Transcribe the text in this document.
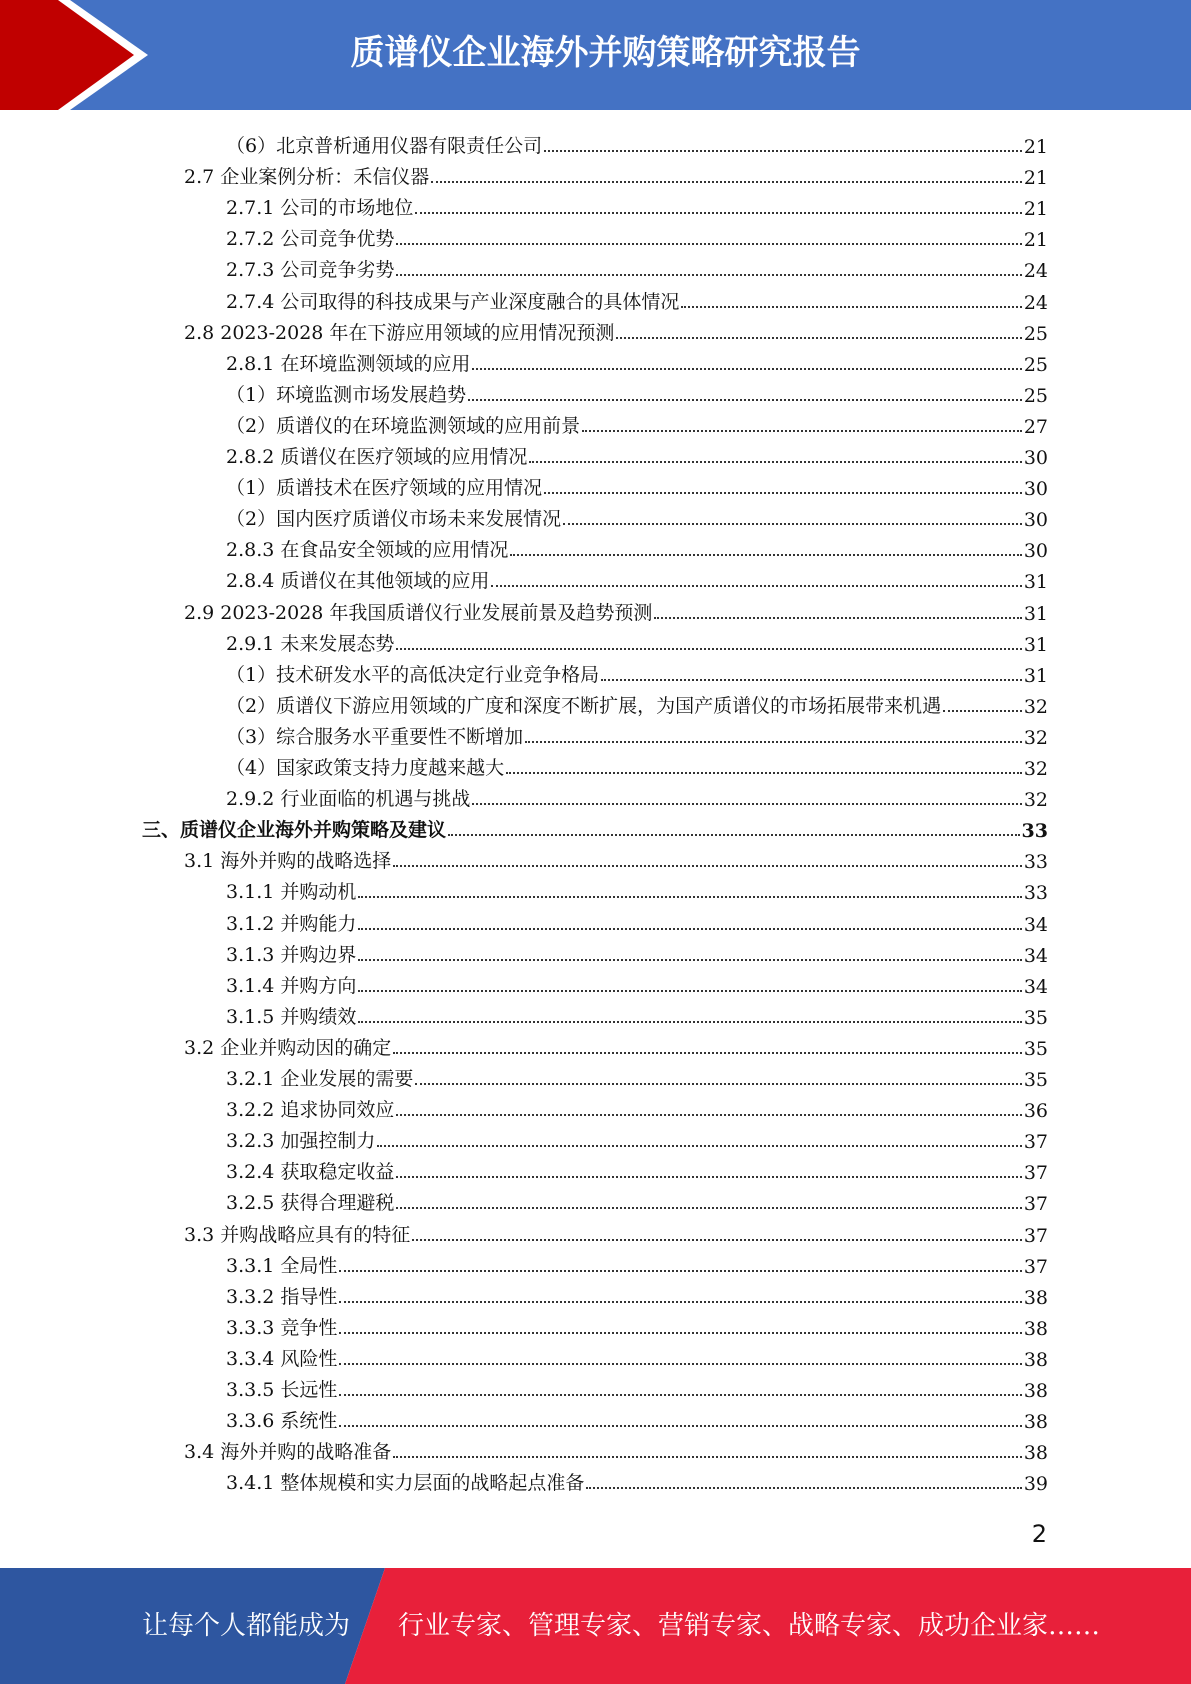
质谱仪企业海外并购策略研究报告
（6）北京普析通用仪器有限责任公司	21
2.7 企业案例分析：禾信仪器	21
2.7.1 公司的市场地位	21
2.7.2 公司竞争优势	21
2.7.3 公司竞争劣势	24
2.7.4 公司取得的科技成果与产业深度融合的具体情况	24
2.8 2023-2028 年在下游应用领域的应用情况预测	25
2.8.1 在环境监测领域的应用	25
（1）环境监测市场发展趋势	25
（2）质谱仪的在环境监测领域的应用前景	27
2.8.2 质谱仪在医疗领域的应用情况	30
（1）质谱技术在医疗领域的应用情况	30
（2）国内医疗质谱仪市场未来发展情况	30
2.8.3 在食品安全领域的应用情况	30
2.8.4 质谱仪在其他领域的应用	31
2.9 2023-2028 年我国质谱仪行业发展前景及趋势预测	31
2.9.1 未来发展态势	31
（1）技术研发水平的高低决定行业竞争格局	31
（2）质谱仪下游应用领域的广度和深度不断扩展，为国产质谱仪的市场拓展带来机遇	32
（3）综合服务水平重要性不断增加	32
（4）国家政策支持力度越来越大	32
2.9.2 行业面临的机遇与挑战	32
三、质谱仪企业海外并购策略及建议	33
3.1 海外并购的战略选择	33
3.1.1 并购动机	33
3.1.2 并购能力	34
3.1.3 并购边界	34
3.1.4 并购方向	34
3.1.5 并购绩效	35
3.2 企业并购动因的确定	35
3.2.1 企业发展的需要	35
3.2.2 追求协同效应	36
3.2.3 加强控制力	37
3.2.4 获取稳定收益	37
3.2.5 获得合理避税	37
3.3 并购战略应具有的特征	37
3.3.1 全局性	37
3.3.2 指导性	38
3.3.3 竞争性	38
3.3.4 风险性	38
3.3.5 长远性	38
3.3.6 系统性	38
3.4 海外并购的战略准备	38
3.4.1 整体规模和实力层面的战略起点准备	39
2
让每个人都能成为 行业专家、管理专家、营销专家、战略专家、成功企业家……
